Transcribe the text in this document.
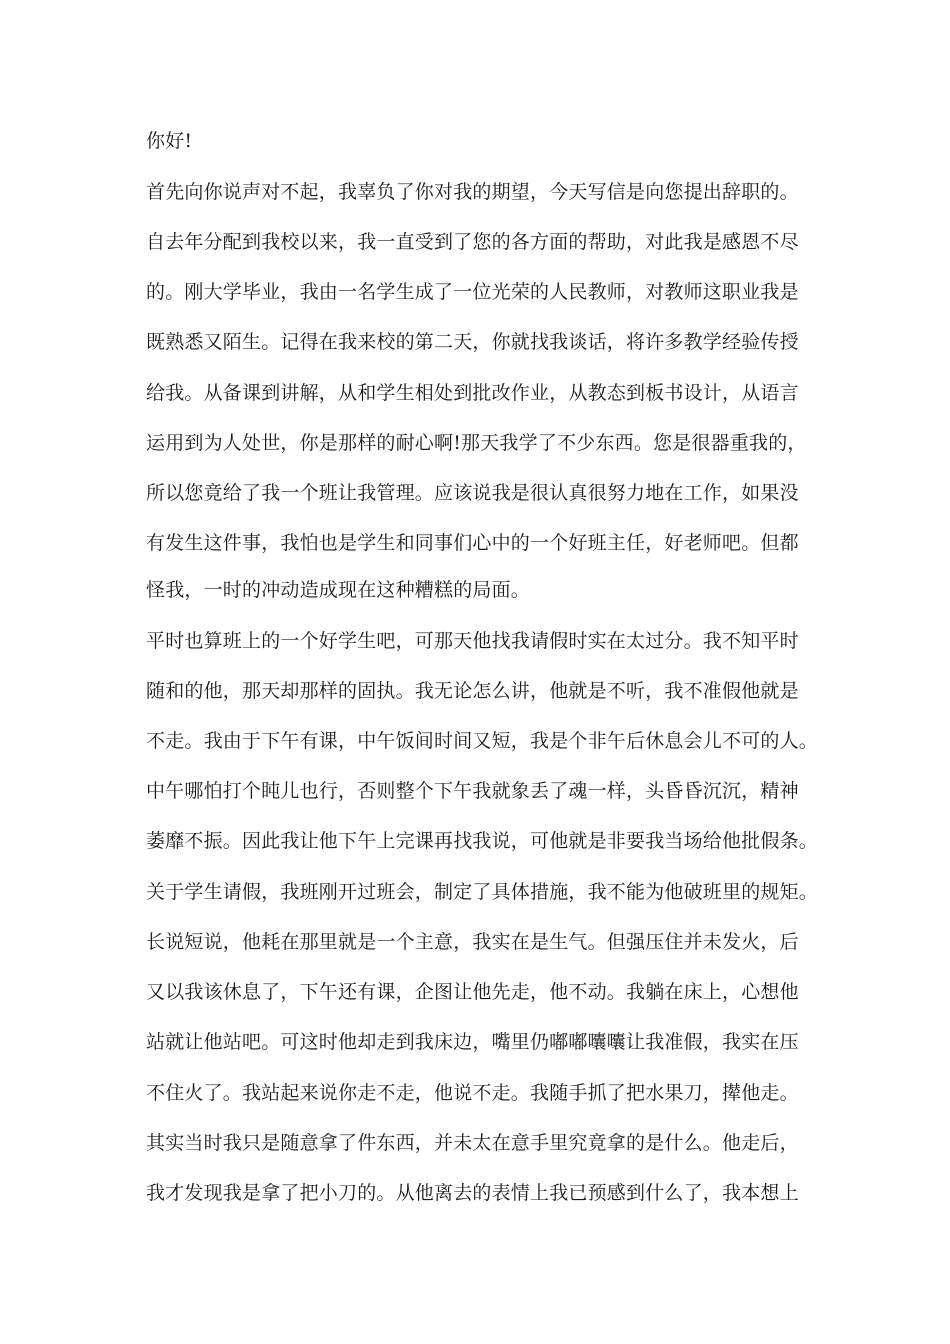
你好!
首先向你说声对不起，我辜负了你对我的期望，今天写信是向您提出辞职的。
自去年分配到我校以来，我一直受到了您的各方面的帮助，对此我是感恩不尽
的。刚大学毕业，我由一名学生成了一位光荣的人民教师，对教师这职业我是
既熟悉又陌生。记得在我来校的第二天，你就找我谈话，将许多教学经验传授
给我。从备课到讲解，从和学生相处到批改作业，从教态到板书设计，从语言
运用到为人处世，你是那样的耐心啊!那天我学了不少东西。您是很器重我的，
所以您竟给了我一个班让我管理。应该说我是很认真很努力地在工作，如果没
有发生这件事，我怕也是学生和同事们心中的一个好班主任，好老师吧。但都
怪我，一时的冲动造成现在这种糟糕的局面。
平时也算班上的一个好学生吧，可那天他找我请假时实在太过分。我不知平时
随和的他，那天却那样的固执。我无论怎么讲，他就是不听，我不准假他就是
不走。我由于下午有课，中午饭间时间又短，我是个非午后休息会儿不可的人。
中午哪怕打个盹儿也行，否则整个下午我就象丢了魂一样，头昏昏沉沉，精神
萎靡不振。因此我让他下午上完课再找我说，可他就是非要我当场给他批假条。
关于学生请假，我班刚开过班会，制定了具体措施，我不能为他破班里的规矩。
长说短说，他耗在那里就是一个主意，我实在是生气。但强压住并未发火，后
又以我该休息了，下午还有课，企图让他先走，他不动。我躺在床上，心想他
站就让他站吧。可这时他却走到我床边，嘴里仍嘟嘟囔囔让我准假，我实在压
不住火了。我站起来说你走不走，他说不走。我随手抓了把水果刀，撵他走。
其实当时我只是随意拿了件东西，并未太在意手里究竟拿的是什么。他走后，
我才发现我是拿了把小刀的。从他离去的表情上我已预感到什么了，我本想上
